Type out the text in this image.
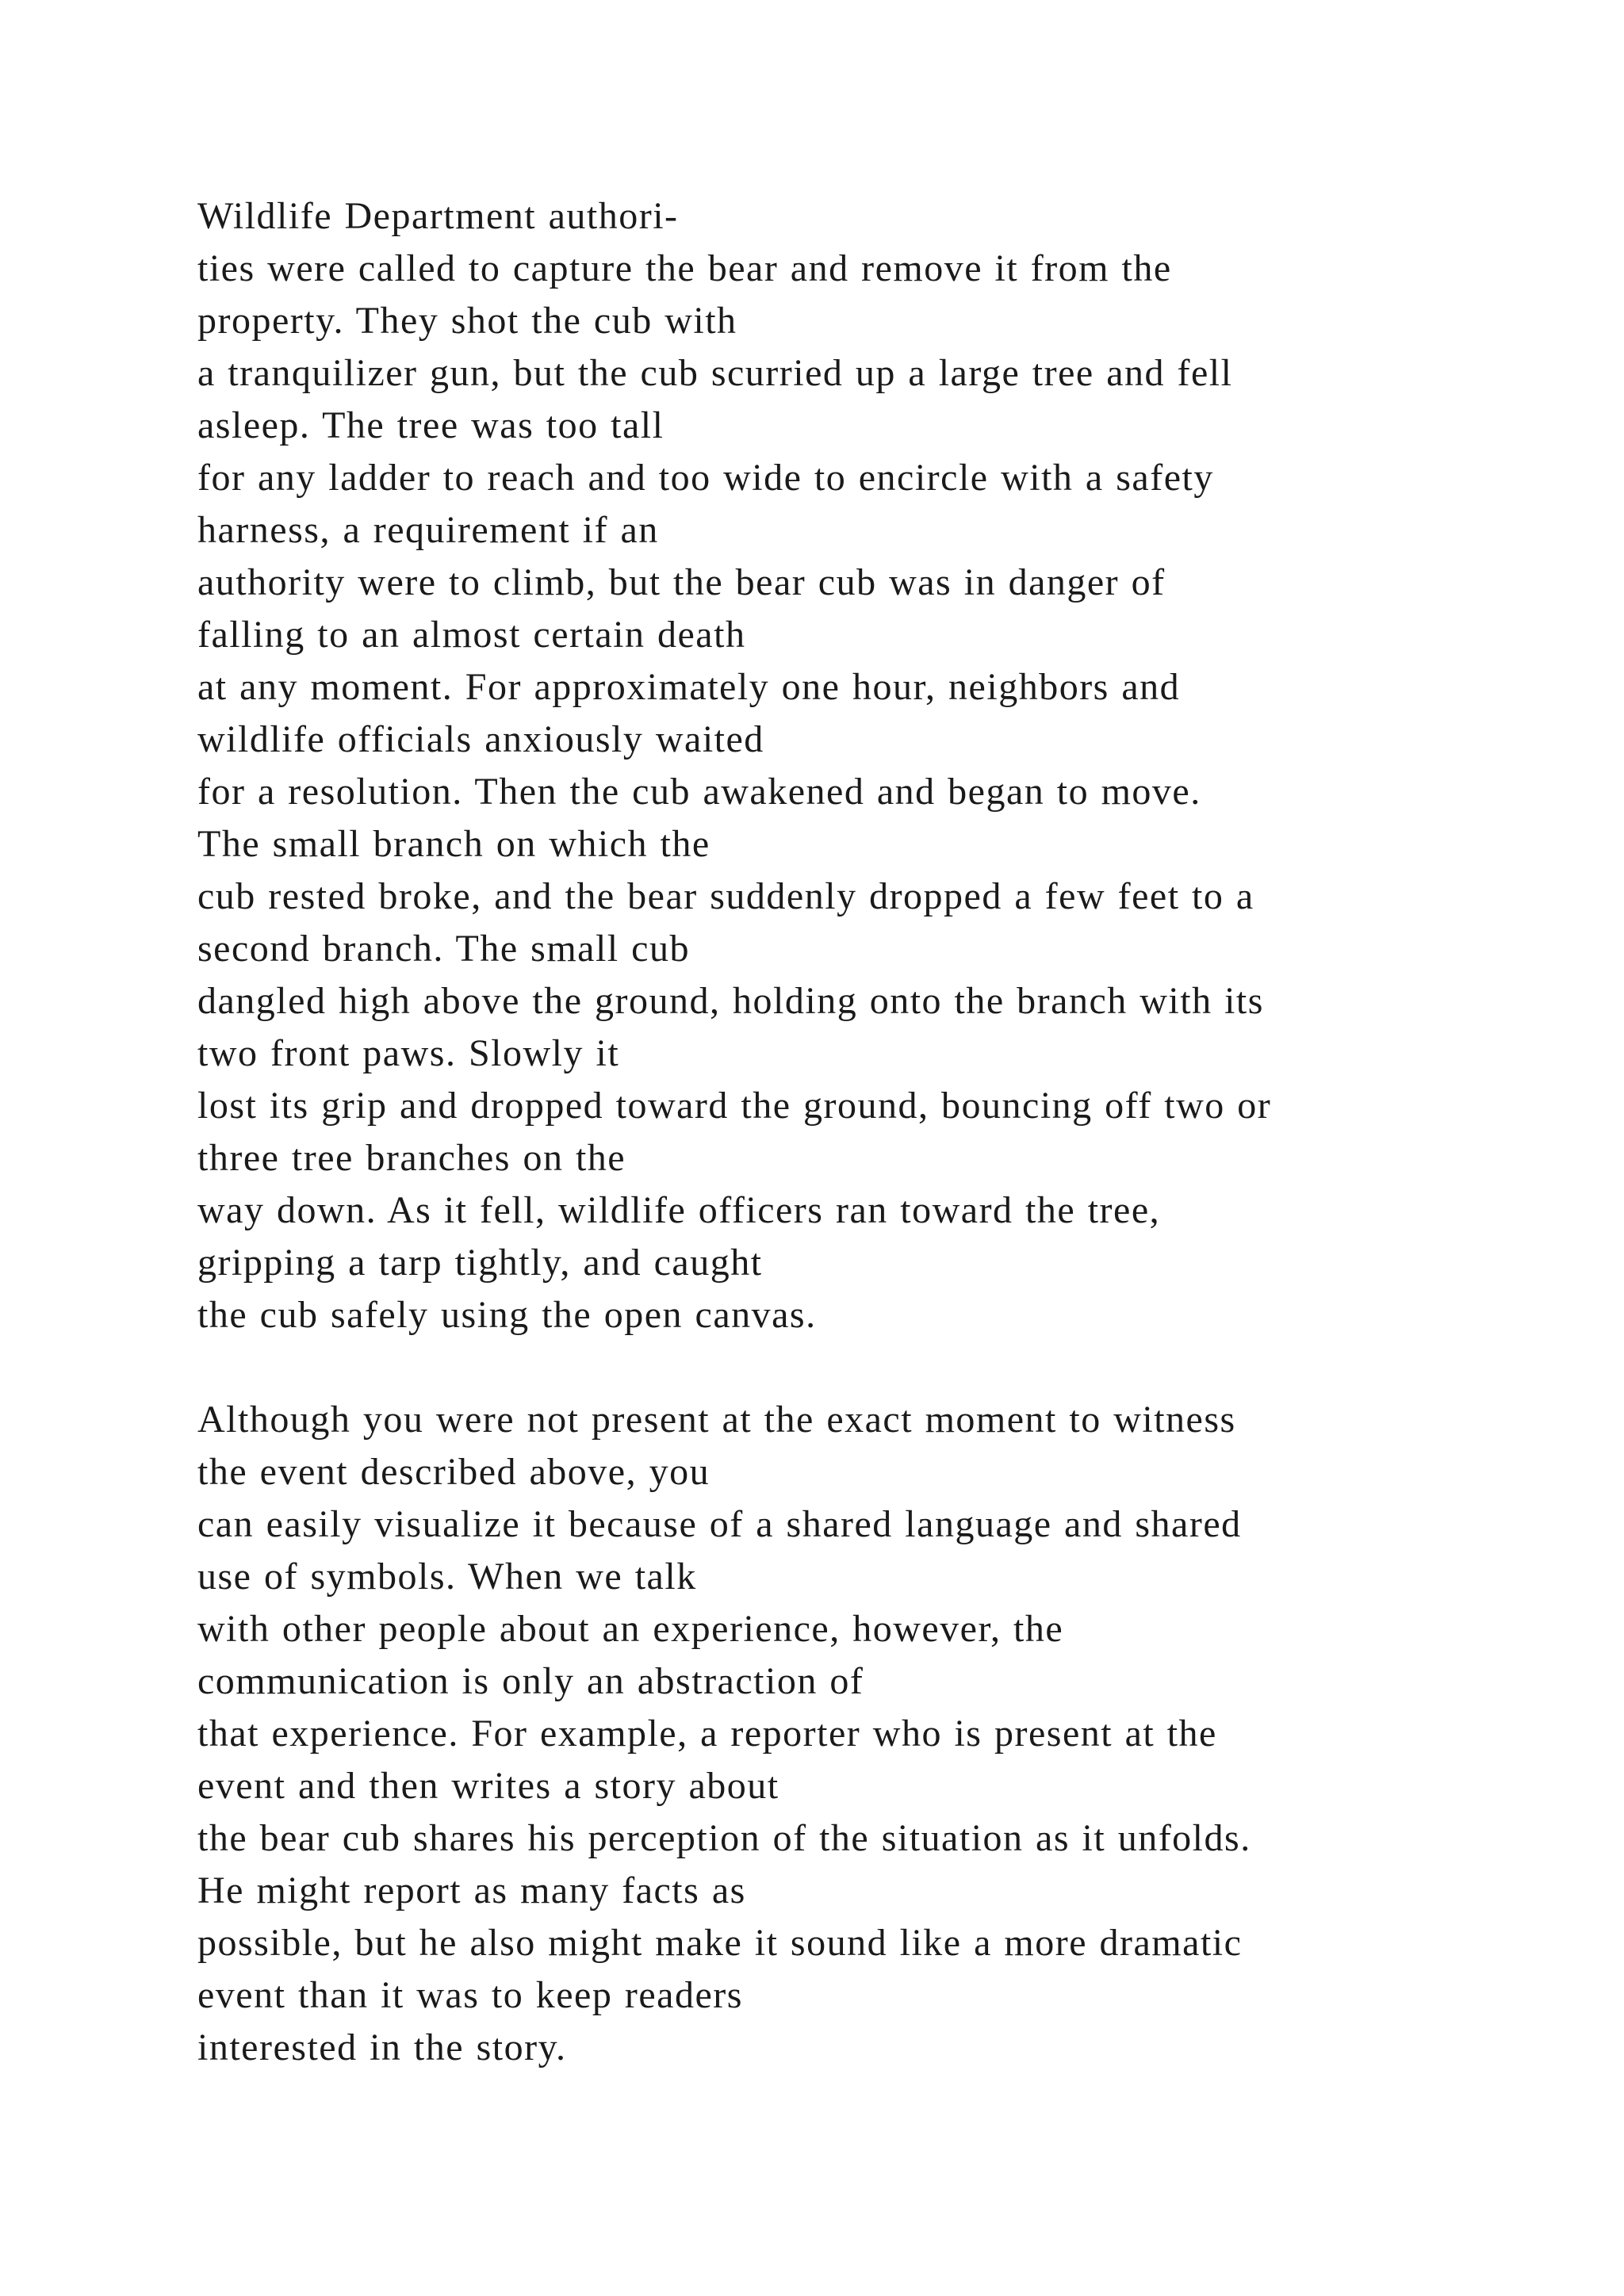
Wildlife Department authori-
ties were called to capture the bear and remove it from the
property. They shot the cub with
a tranquilizer gun, but the cub scurried up a large tree and fell
asleep. The tree was too tall
for any ladder to reach and too wide to encircle with a safety
harness, a requirement if an
authority were to climb, but the bear cub was in danger of
falling to an almost certain death
at any moment. For approximately one hour, neighbors and
wildlife officials anxiously waited
for a resolution. Then the cub awakened and began to move.
The small branch on which the
cub rested broke, and the bear suddenly dropped a few feet to a
second branch. The small cub
dangled high above the ground, holding onto the branch with its
two front paws. Slowly it
lost its grip and dropped toward the ground, bouncing off two or
three tree branches on the
way down. As it fell, wildlife officers ran toward the tree,
gripping a tarp tightly, and caught
the cub safely using the open canvas.
Although you were not present at the exact moment to witness
the event described above, you
can easily visualize it because of a shared language and shared
use of symbols. When we talk
with other people about an experience, however, the
communication is only an abstraction of
that experience. For example, a reporter who is present at the
event and then writes a story about
the bear cub shares his perception of the situation as it unfolds.
He might report as many facts as
possible, but he also might make it sound like a more dramatic
event than it was to keep readers
interested in the story.
